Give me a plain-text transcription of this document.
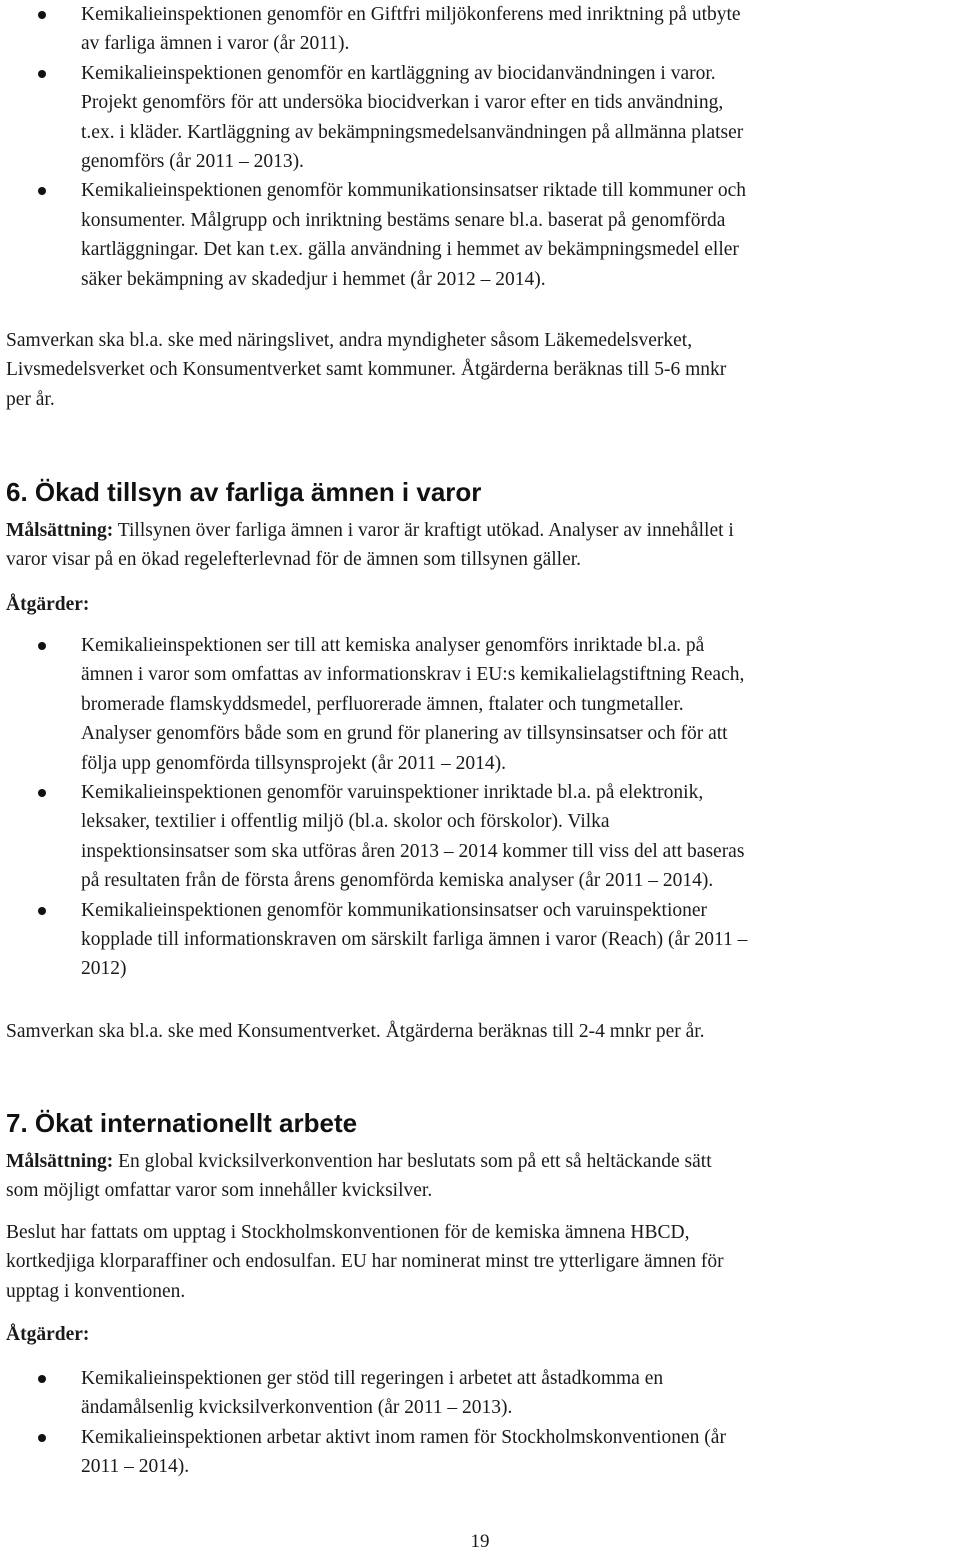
Kemikalieinspektionen genomför en Giftfri miljökonferens med inriktning på utbyte
av farliga ämnen i varor (år 2011).
Kemikalieinspektionen genomför en kartläggning av biocidanvändningen i varor.
Projekt genomförs för att undersöka biocidverkan i varor efter en tids användning,
t.ex. i kläder. Kartläggning av bekämpningsmedelsanvändningen på allmänna platser
genomförs (år 2011 – 2013).
Kemikalieinspektionen genomför kommunikationsinsatser riktade till kommuner och
konsumenter. Målgrupp och inriktning bestäms senare bl.a. baserat på genomförda
kartläggningar. Det kan t.ex. gälla användning i hemmet av bekämpningsmedel eller
säker bekämpning av skadedjur i hemmet (år 2012 – 2014).
Samverkan ska bl.a. ske med näringslivet, andra myndigheter såsom Läkemedelsverket,
Livsmedelsverket och Konsumentverket samt kommuner. Åtgärderna beräknas till 5-6 mnkr
per år.
6. Ökad tillsyn av farliga ämnen i varor
Målsättning: Tillsynen över farliga ämnen i varor är kraftigt utökad. Analyser av innehållet i
varor visar på en ökad regelefterlevnad för de ämnen som tillsynen gäller.
Åtgärder:
Kemikalieinspektionen ser till att kemiska analyser genomförs inriktade bl.a. på
ämnen i varor som omfattas av informationskrav i EU:s kemikalielagstiftning Reach,
bromerade flamskyddsmedel, perfluorerade ämnen, ftalater och tungmetaller.
Analyser genomförs både som en grund för planering av tillsynsinsatser och för att
följa upp genomförda tillsynsprojekt (år 2011 – 2014).
Kemikalieinspektionen genomför varuinspektioner inriktade bl.a. på elektronik,
leksaker, textilier i offentlig miljö (bl.a. skolor och förskolor). Vilka
inspektionsinsatser som ska utföras åren 2013 – 2014 kommer till viss del att baseras
på resultaten från de första årens genomförda kemiska analyser (år 2011 – 2014).
Kemikalieinspektionen genomför kommunikationsinsatser och varuinspektioner
kopplade till informationskraven om särskilt farliga ämnen i varor (Reach) (år 2011 –
2012)
Samverkan ska bl.a. ske med Konsumentverket. Åtgärderna beräknas till 2-4 mnkr per år.
7. Ökat internationellt arbete
Målsättning: En global kvicksilverkonvention har beslutats som på ett så heltäckande sätt
som möjligt omfattar varor som innehåller kvicksilver.
Beslut har fattats om upptag i Stockholmskonventionen för de kemiska ämnena HBCD,
kortkedjiga klorparaffiner och endosulfan. EU har nominerat minst tre ytterligare ämnen för
upptag i konventionen.
Åtgärder:
Kemikalieinspektionen ger stöd till regeringen i arbetet att åstadkomma en
ändamålsenlig kvicksilverkonvention (år 2011 – 2013).
Kemikalieinspektionen arbetar aktivt inom ramen för Stockholmskonventionen (år
2011 – 2014).
19
